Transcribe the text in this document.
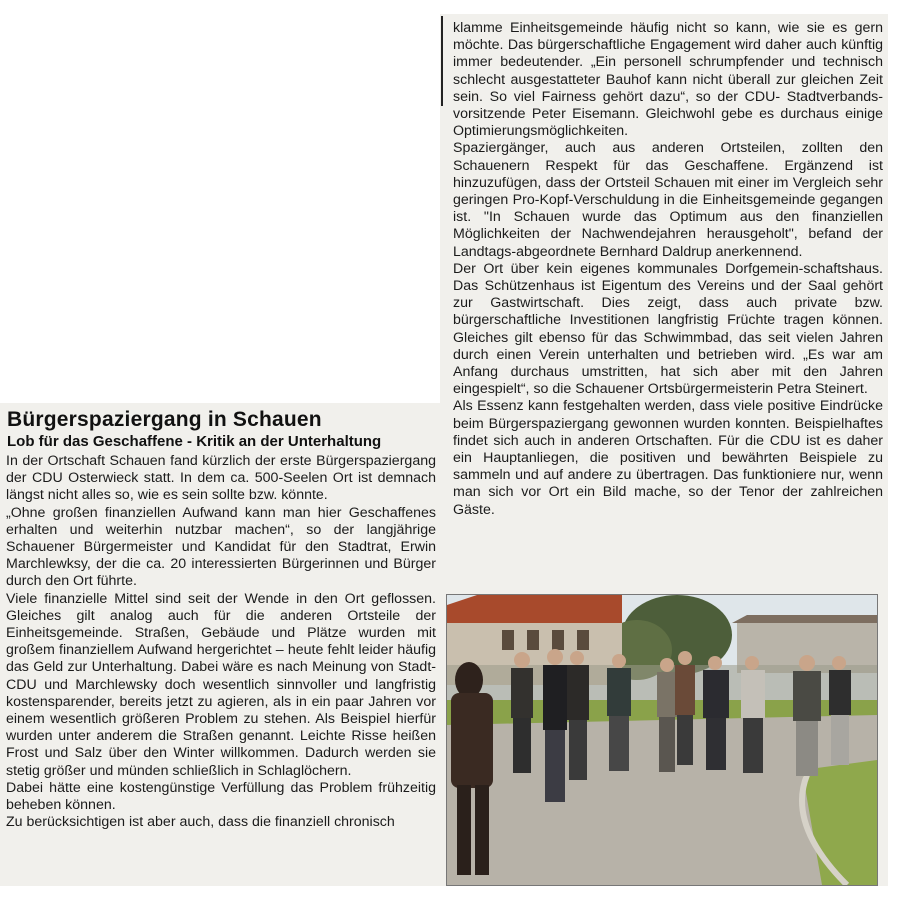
Bürgerspaziergang in Schauen
Lob für das Geschaffene - Kritik an der Unterhaltung

In der Ortschaft Schauen fand kürzlich der erste Bürgerspaziergang der CDU Osterwieck statt. In dem ca. 500-Seelen Ort ist demnach längst nicht alles so, wie es sein sollte bzw. könnte.

„Ohne großen finanziellen Aufwand kann man hier Geschaffenes erhalten und weiterhin nutzbar machen“, so der langjährige Schauener Bürgermeister und Kandidat für den Stadtrat, Erwin Marchlewksy, der die ca. 20 interessierten Bürgerinnen und Bürger durch den Ort führte.

Viele finanzielle Mittel sind seit der Wende in den Ort geflossen. Gleiches gilt analog auch für die anderen Ortsteile der Einheitsgemeinde. Straßen, Gebäude und Plätze wurden mit großem finanziellem Aufwand hergerichtet – heute fehlt leider häufig das Geld zur Unterhaltung. Dabei wäre es nach Meinung von Stadt-CDU und Marchlewsky doch wesentlich sinnvoller und langfristig kostensparender, bereits jetzt zu agieren, als in ein paar Jahren vor einem wesentlich größeren Problem zu stehen. Als Beispiel hierfür wurden unter anderem die Straßen genannt. Leichte Risse heißen Frost und Salz über den Winter willkommen. Dadurch werden sie stetig größer und münden schließlich in Schlaglöchern.

Dabei hätte eine kostengünstige Verfüllung das Problem frühzeitig beheben können.

Zu berücksichtigen ist aber auch, dass die finanziell chronisch

klamme Einheitsgemeinde häufig nicht so kann, wie sie es gern möchte. Das bürgerschaftliche Engagement wird daher auch künftig immer bedeutender. „Ein personell schrumpfender und technisch schlecht ausgestatteter Bauhof kann nicht überall zur gleichen Zeit sein. So viel Fairness gehört dazu“, so der CDU- Stadtverbands-vorsitzende Peter Eisemann. Gleichwohl gebe es durchaus einige Optimierungsmöglichkeiten.

Spaziergänger, auch aus anderen Ortsteilen, zollten den Schauenern Respekt für das Geschaffene. Ergänzend ist hinzuzufügen, dass der Ortsteil Schauen mit einer im Vergleich sehr geringen Pro-Kopf-Verschuldung in die Einheitsgemeinde gegangen ist. "In Schauen wurde das Optimum aus den finanziellen Möglichkeiten der Nachwendejahren herausgeholt", befand der Landtags-abgeordnete Bernhard Daldrup anerkennend.

Der Ort über kein eigenes kommunales Dorfgemein-schaftshaus. Das Schützenhaus ist Eigentum des Vereins und der Saal gehört zur Gastwirtschaft. Dies zeigt, dass auch private bzw. bürgerschaftliche Investitionen langfristig Früchte tragen können. Gleiches gilt ebenso für das Schwimmbad, das seit vielen Jahren durch einen Verein unterhalten und betrieben wird. „Es war am Anfang durchaus umstritten, hat sich aber mit den Jahren eingespielt“, so die Schauener Ortsbürgermeisterin Petra Steinert.

Als Essenz kann festgehalten werden, dass viele positive Eindrücke beim Bürgerspaziergang gewonnen wurden konnten. Beispielhaftes findet sich auch in anderen Ortschaften. Für die CDU ist es daher ein Hauptanliegen, die positiven und bewährten Beispiele zu sammeln und auf andere zu übertragen. Das funktioniere nur, wenn man sich vor Ort ein Bild mache, so der Tenor der zahlreichen Gäste.
